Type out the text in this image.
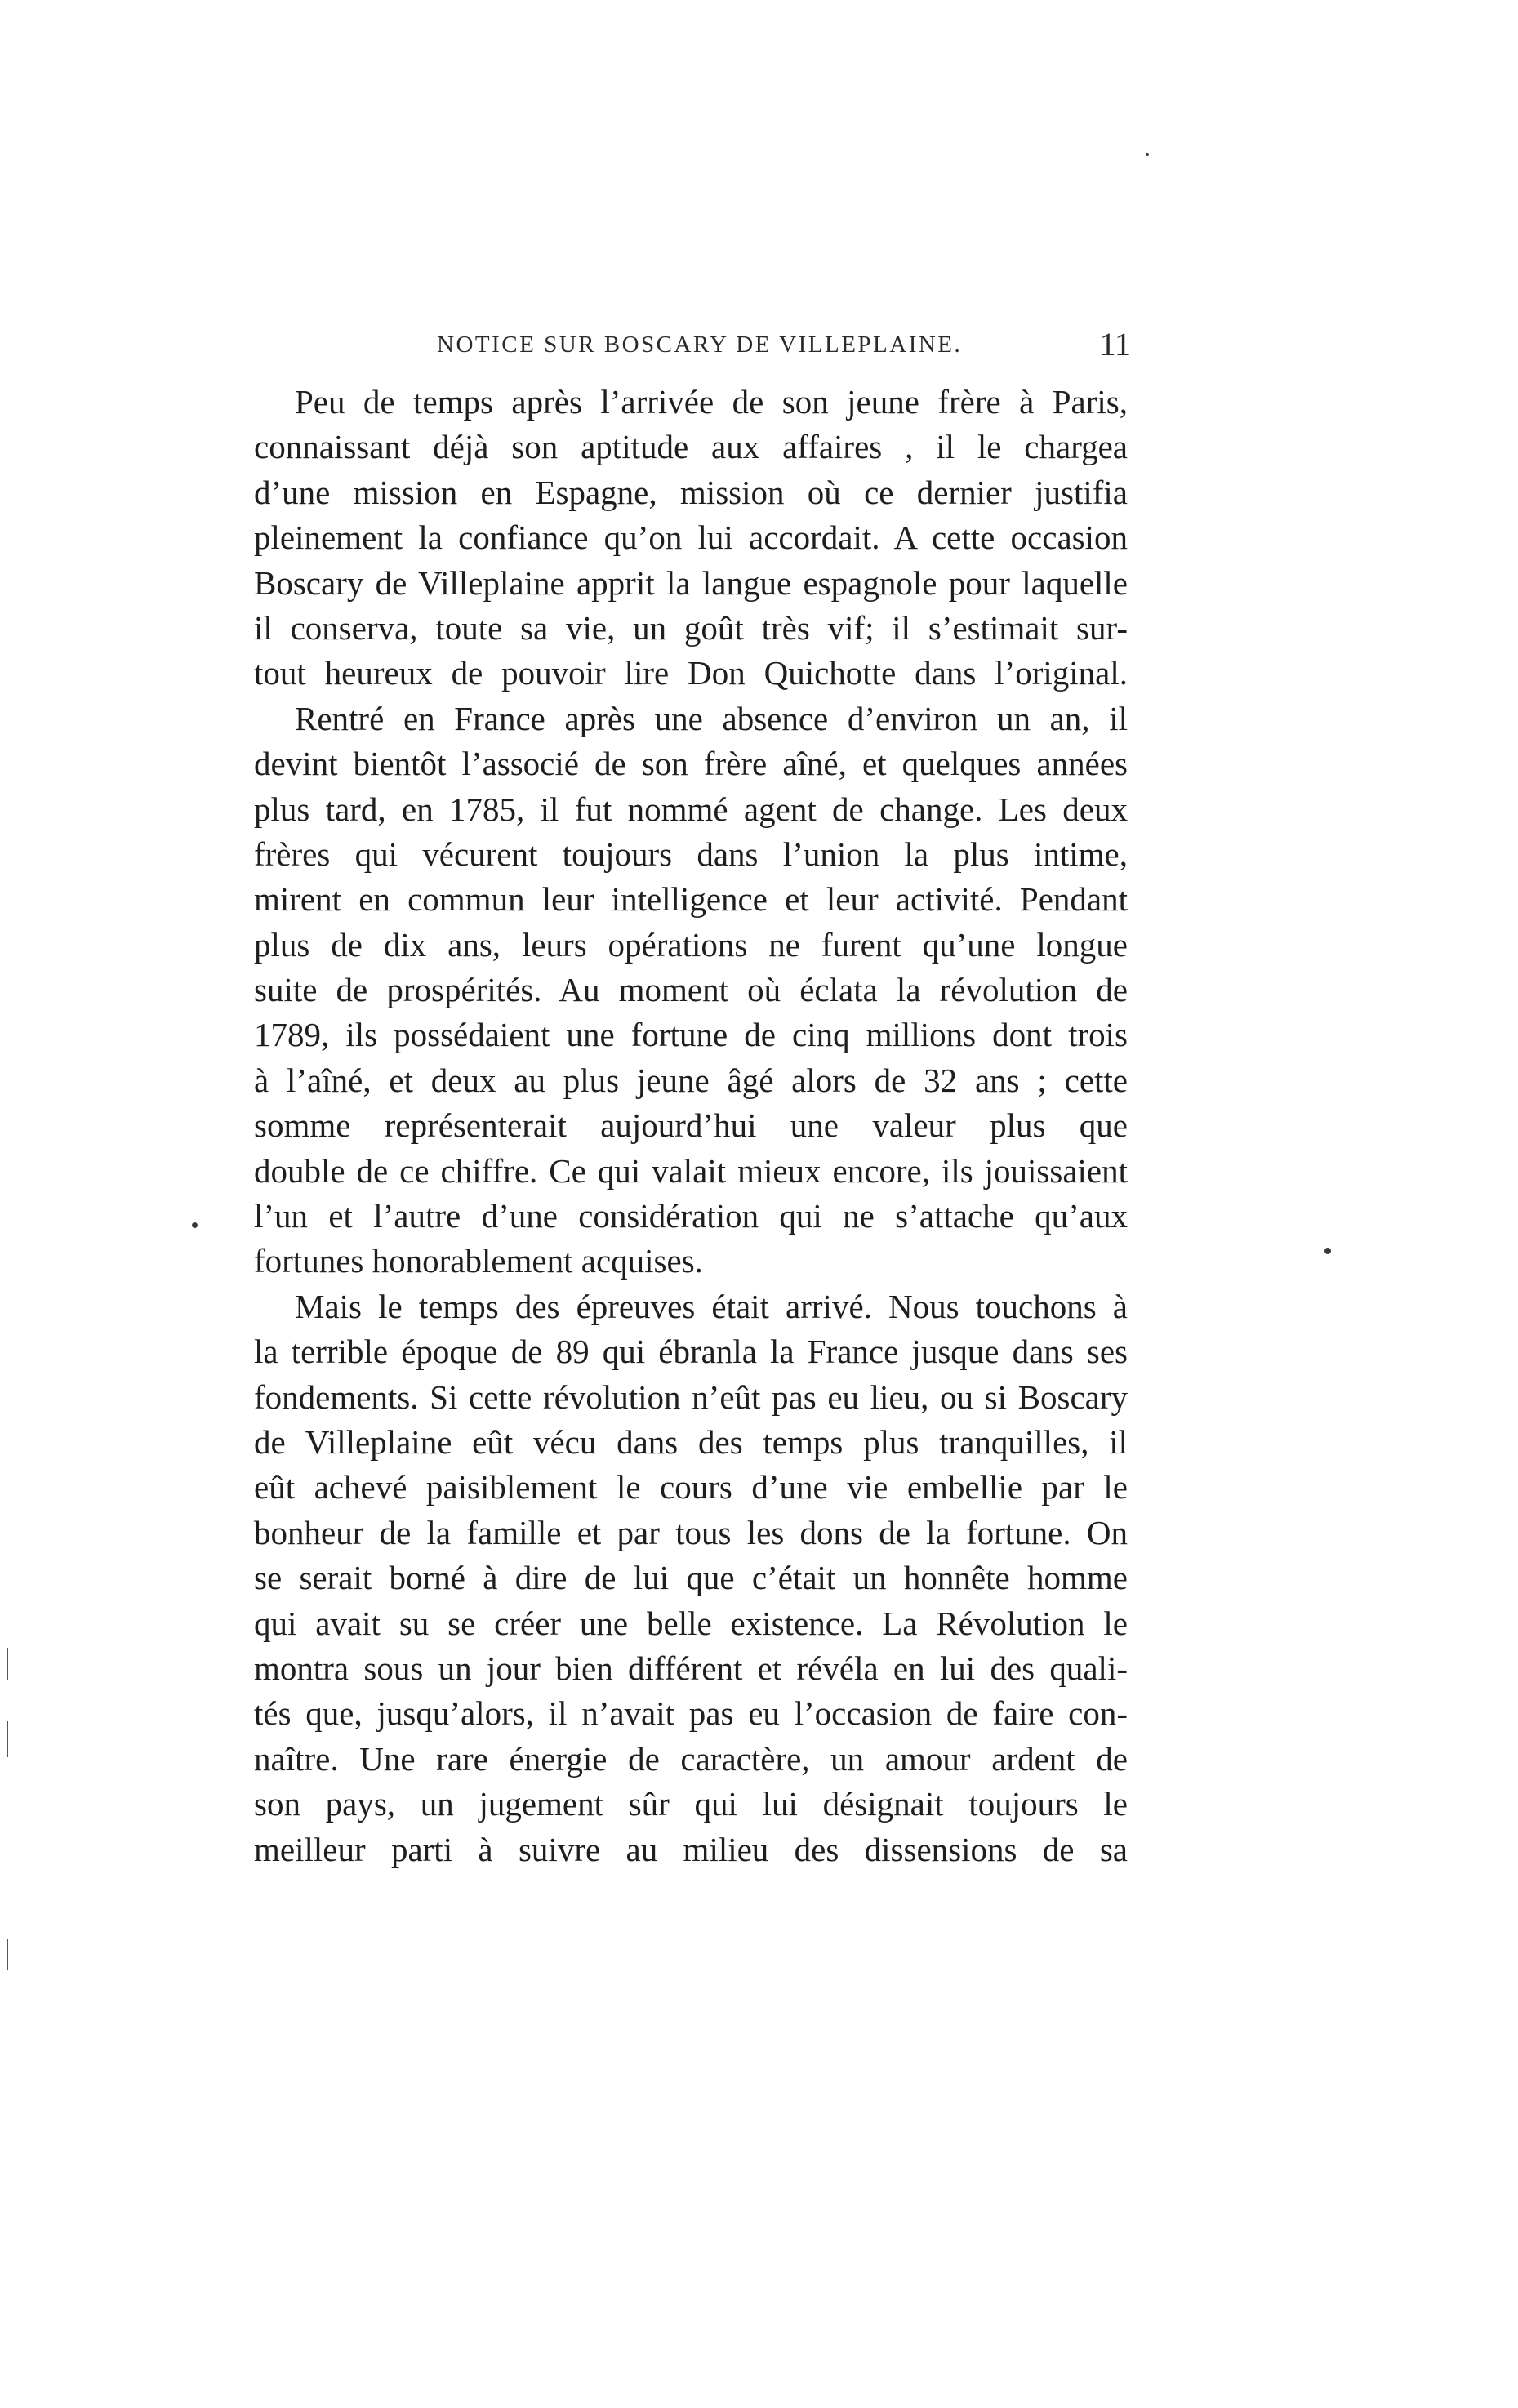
NOTICE SUR BOSCARY DE VILLEPLAINE.	11
Peu de temps après l’arrivée de son jeune frère à Paris,
connaissant déjà son aptitude aux affaires , il le chargea
d’une mission en Espagne, mission où ce dernier justifia
pleinement la confiance qu’on lui accordait. A cette occasion
Boscary de Villeplaine apprit la langue espagnole pour laquelle
il conserva, toute sa vie, un goût très vif; il s’estimait sur-
tout heureux de pouvoir lire Don Quichotte dans l’original.
Rentré en France après une absence d’environ un an, il
devint bientôt l’associé de son frère aîné, et quelques années
plus tard, en 1785, il fut nommé agent de change. Les deux
frères qui vécurent toujours dans l’union la plus intime,
mirent en commun leur intelligence et leur activité. Pendant
plus de dix ans, leurs opérations ne furent qu’une longue
suite de prospérités. Au moment où éclata la révolution de
1789, ils possédaient une fortune de cinq millions dont trois
à l’aîné, et deux au plus jeune âgé alors de 32 ans ; cette
somme représenterait aujourd’hui une valeur plus que
double de ce chiffre. Ce qui valait mieux encore, ils jouissaient
l’un et l’autre d’une considération qui ne s’attache qu’aux
fortunes honorablement acquises.
Mais le temps des épreuves était arrivé. Nous touchons à
la terrible époque de 89 qui ébranla la France jusque dans ses
fondements. Si cette révolution n’eût pas eu lieu, ou si Boscary
de Villeplaine eût vécu dans des temps plus tranquilles, il
eût achevé paisiblement le cours d’une vie embellie par le
bonheur de la famille et par tous les dons de la fortune. On
se serait borné à dire de lui que c’était un honnête homme
qui avait su se créer une belle existence. La Révolution le
montra sous un jour bien différent et révéla en lui des quali-
tés que, jusqu’alors, il n’avait pas eu l’occasion de faire con-
naître. Une rare énergie de caractère, un amour ardent de
son pays, un jugement sûr qui lui désignait toujours le
meilleur parti à suivre au milieu des dissensions de sa
